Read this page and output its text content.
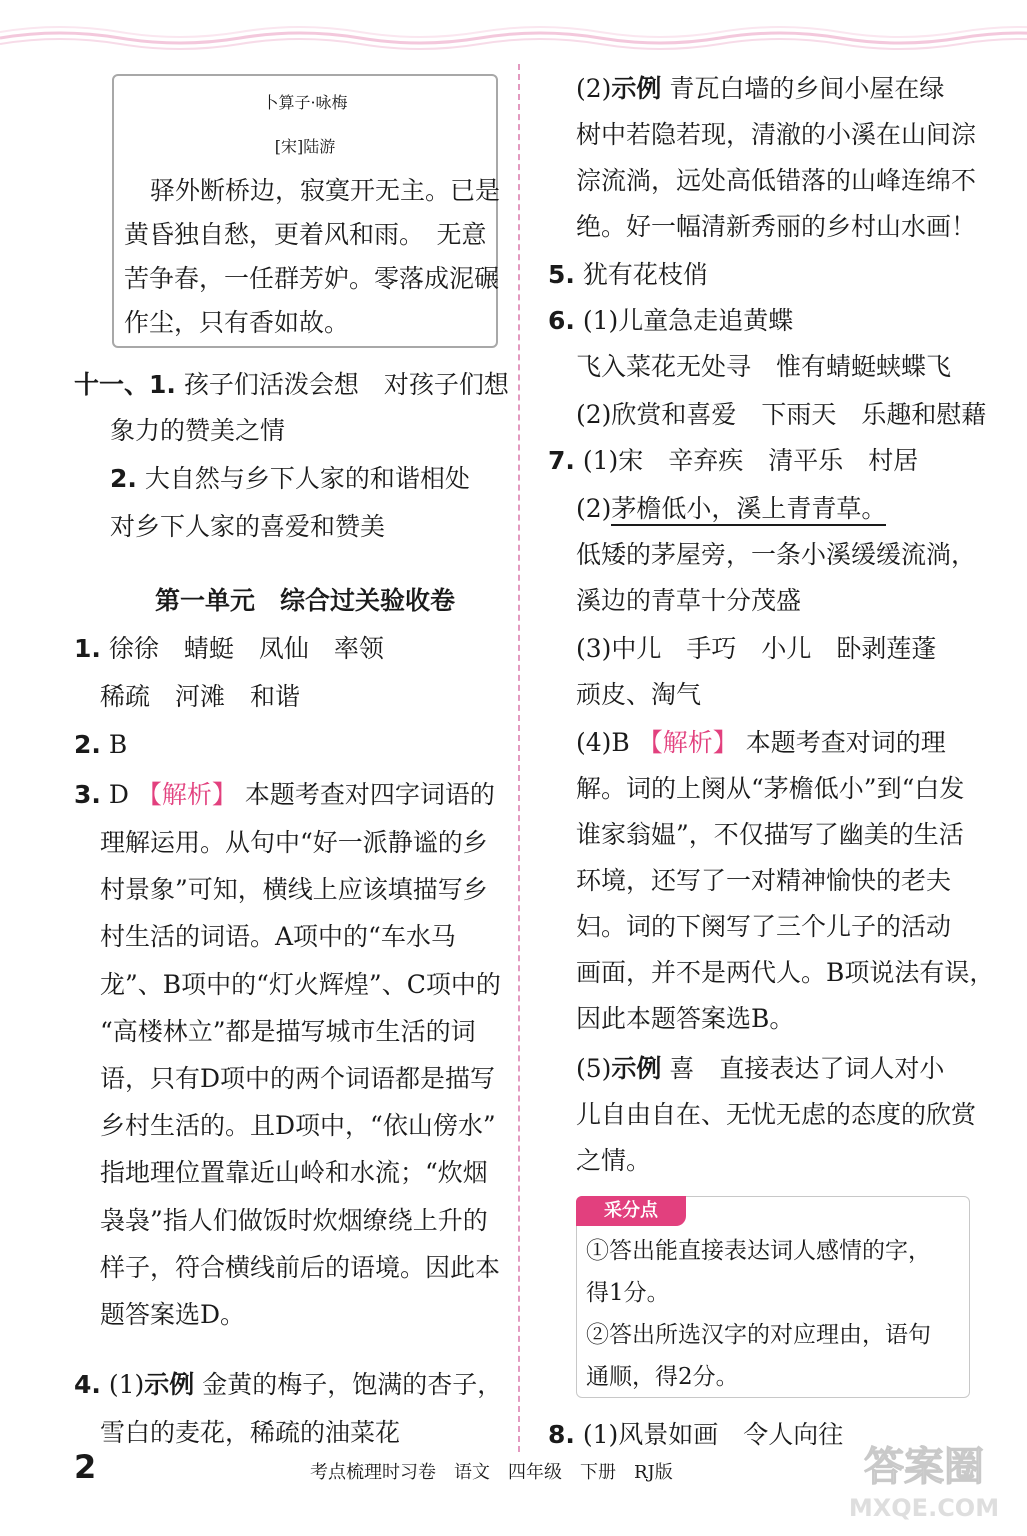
卜算子·咏梅
[宋]陆游
驿外断桥边，寂寞开无主。已是
黄昏独自愁，更着风和雨。　无意
苦争春，一任群芳妒。零落成泥碾
作尘，只有香如故。
十一、1. 孩子们活泼会想　对孩子们想
象力的赞美之情
2. 大自然与乡下人家的和谐相处
对乡下人家的喜爱和赞美
第一单元　综合过关验收卷
1. 徐徐　蜻蜓　凤仙　率领
稀疏　河滩　和谐
2. B
3. D 【解析】 本题考查对四字词语的
理解运用。从句中“好一派静谧的乡
村景象”可知，横线上应该填描写乡
村生活的词语。A项中的“车水马
龙”、B项中的“灯火辉煌”、C项中的
“高楼林立”都是描写城市生活的词
语，只有D项中的两个词语都是描写
乡村生活的。且D项中，“依山傍水”
指地理位置靠近山岭和水流；“炊烟
袅袅”指人们做饭时炊烟缭绕上升的
样子，符合横线前后的语境。因此本
题答案选D。
4. (1)示例 金黄的梅子，饱满的杏子，
雪白的麦花，稀疏的油菜花
(2)示例 青瓦白墙的乡间小屋在绿
树中若隐若现，清澈的小溪在山间淙
淙流淌，远处高低错落的山峰连绵不
绝。好一幅清新秀丽的乡村山水画！
5. 犹有花枝俏
6. (1)儿童急走追黄蝶
飞入菜花无处寻　惟有蜻蜓蛱蝶飞
(2)欣赏和喜爱　下雨天　乐趣和慰藉
7. (1)宋　辛弃疾　清平乐　村居
(2)茅檐低小，溪上青青草。
低矮的茅屋旁，一条小溪缓缓流淌，
溪边的青草十分茂盛
(3)中儿　手巧　小儿　卧剥莲蓬
顽皮、淘气
(4)B 【解析】 本题考查对词的理
解。词的上阕从“茅檐低小”到“白发
谁家翁媪”，不仅描写了幽美的生活
环境，还写了一对精神愉快的老夫
妇。词的下阕写了三个儿子的活动
画面，并不是两代人。B项说法有误，
因此本题答案选B。
(5)示例 喜　直接表达了词人对小
儿自由自在、无忧无虑的态度的欣赏
之情。
采分点
①答出能直接表达词人感情的字，
得1分。
②答出所选汉字的对应理由，语句
通顺，得2分。
8. (1)风景如画　令人向往
2	考点梳理时习卷　语文　四年级　下册　RJ版	答案圈
MXQE.COM
